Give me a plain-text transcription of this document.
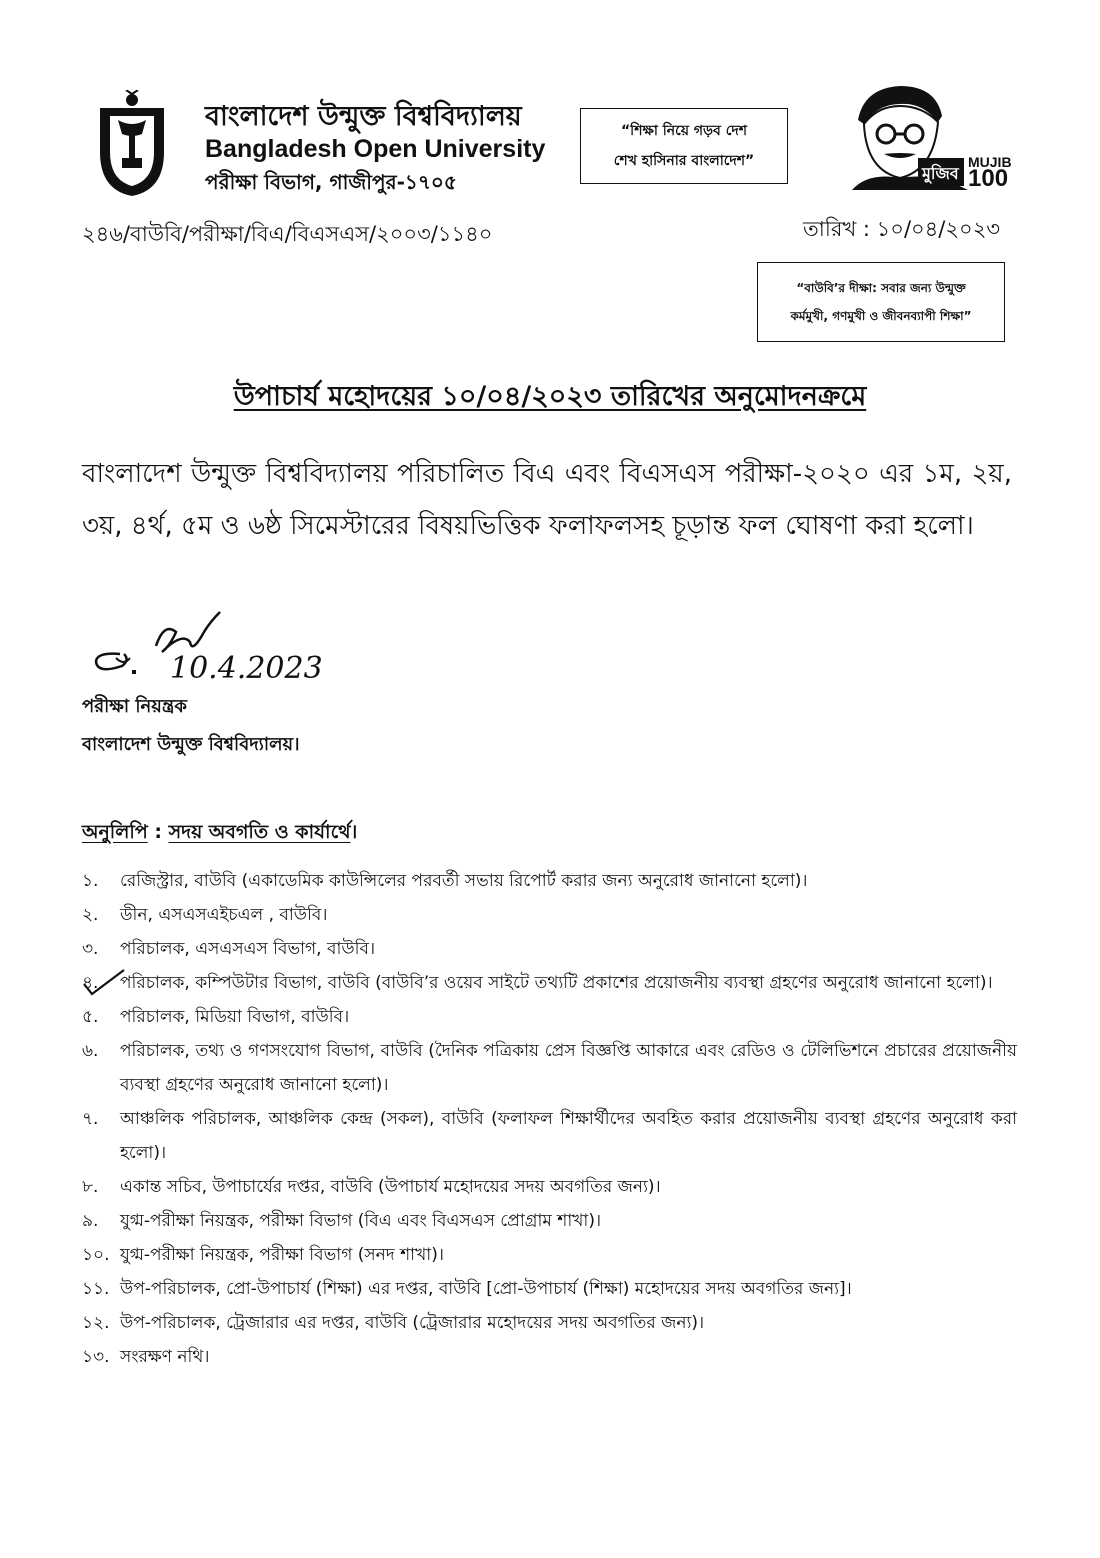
বাংলাদেশ উন্মুক্ত বিশ্ববিদ্যালয়
Bangladesh Open University
পরীক্ষা বিভাগ, গাজীপুর-১৭০৫
“শিক্ষা নিয়ে গড়ব দেশ
শেখ হাসিনার বাংলাদেশ”
মুজিব
MUJIB
100
২৪৬/বাউবি/পরীক্ষা/বিএ/বিএসএস/২০০৩/১১৪০	তারিখ : ১০/০৪/২০২৩
“বাউবি’র দীক্ষা: সবার জন্য উন্মুক্ত
কর্মমুখী, গণমুখী ও জীবনব্যাপী শিক্ষা”
উপাচার্য মহোদয়ের ১০/০৪/২০২৩ তারিখের অনুমোদনক্রমে
বাংলাদেশ উন্মুক্ত বিশ্ববিদ্যালয় পরিচালিত বিএ এবং বিএসএস পরীক্ষা-২০২০ এর ১ম, ২য়, ৩য়, ৪র্থ, ৫ম ও ৬ষ্ঠ সিমেস্টারের বিষয়ভিত্তিক ফলাফলসহ চূড়ান্ত ফল ঘোষণা করা হলো।
10.4.2023
পরীক্ষা নিয়ন্ত্রক
বাংলাদেশ উন্মুক্ত বিশ্ববিদ্যালয়।
অনুলিপি : সদয় অবগতি ও কার্যার্থে।
১.	রেজিস্ট্রার, বাউবি (একাডেমিক কাউন্সিলের পরবর্তী সভায় রিপোর্ট করার জন্য অনুরোধ জানানো হলো)।
২.	ডীন, এসএসএইচএল , বাউবি।
৩.	পরিচালক, এসএসএস বিভাগ, বাউবি।
৪.	পরিচালক, কম্পিউটার বিভাগ, বাউবি (বাউবি’র ওয়েব সাইটে তথ্যটি প্রকাশের প্রয়োজনীয় ব্যবস্থা গ্রহণের অনুরোধ জানানো হলো)।
৫.	পরিচালক, মিডিয়া বিভাগ, বাউবি।
৬.	পরিচালক, তথ্য ও গণসংযোগ বিভাগ, বাউবি (দৈনিক পত্রিকায় প্রেস বিজ্ঞপ্তি আকারে এবং রেডিও ও টেলিভিশনে প্রচারের প্রয়োজনীয় ব্যবস্থা গ্রহণের অনুরোধ জানানো হলো)।
৭.	আঞ্চলিক পরিচালক, আঞ্চলিক কেন্দ্র (সকল), বাউবি (ফলাফল শিক্ষার্থীদের অবহিত করার প্রয়োজনীয় ব্যবস্থা গ্রহণের অনুরোধ করা হলো)।
৮.	একান্ত সচিব, উপাচার্যের দপ্তর, বাউবি (উপাচার্য মহোদয়ের সদয় অবগতির জন্য)।
৯.	যুগ্ম-পরীক্ষা নিয়ন্ত্রক, পরীক্ষা বিভাগ (বিএ এবং বিএসএস প্রোগ্রাম শাখা)।
১০. যুগ্ম-পরীক্ষা নিয়ন্ত্রক, পরীক্ষা বিভাগ (সনদ শাখা)।
১১. উপ-পরিচালক, প্রো-উপাচার্য (শিক্ষা) এর দপ্তর, বাউবি [প্রো-উপাচার্য (শিক্ষা) মহোদয়ের সদয় অবগতির জন্য]।
১২. উপ-পরিচালক, ট্রেজারার এর দপ্তর, বাউবি (ট্রেজারার মহোদয়ের সদয় অবগতির জন্য)।
১৩. সংরক্ষণ নথি।
